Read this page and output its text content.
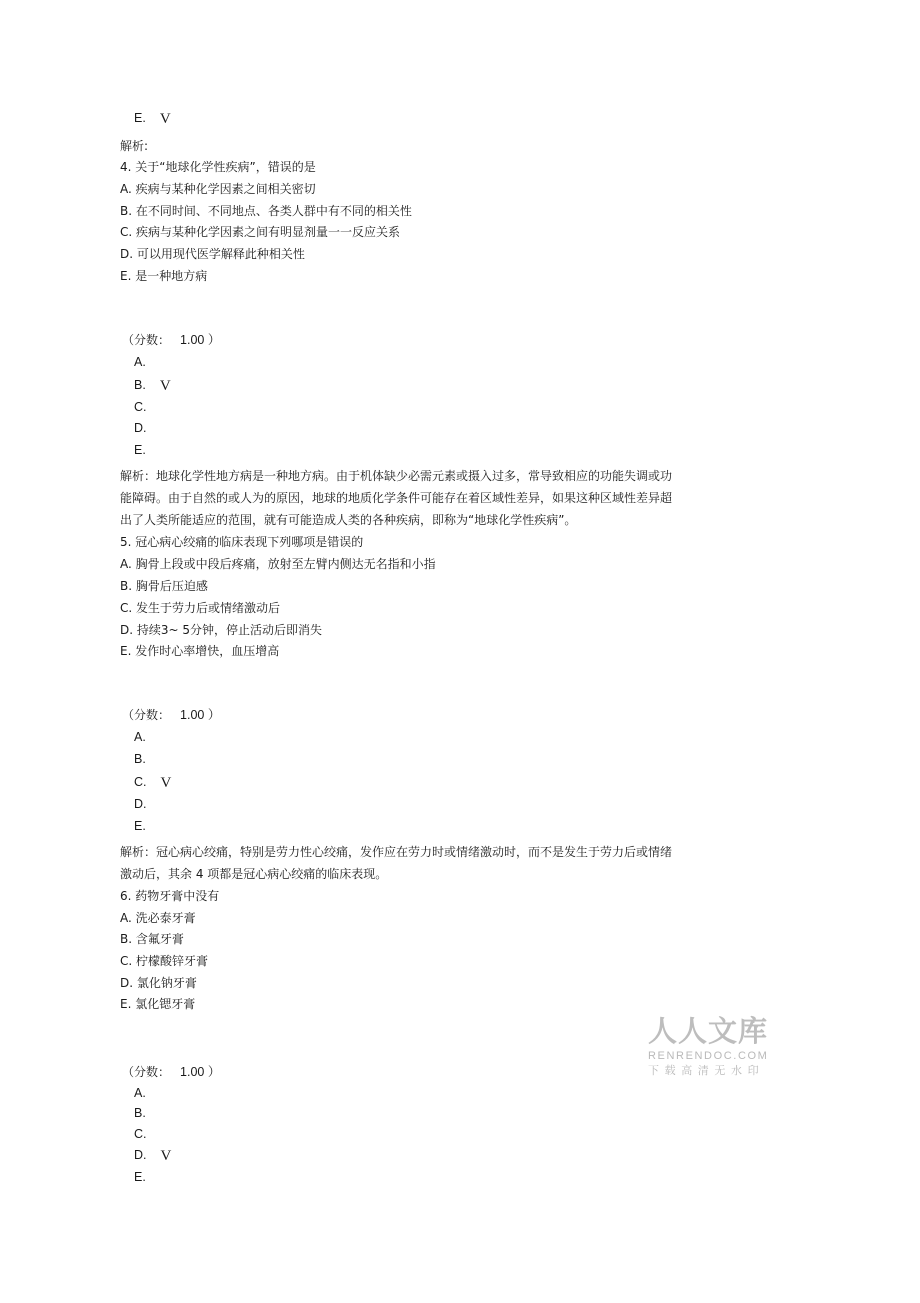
E. V
解析:
4. 关于“地球化学性疾病”，错误的是
A. 疾病与某种化学因素之间相关密切
B. 在不同时间、不同地点、各类人群中有不同的相关性
C. 疾病与某种化学因素之间有明显剂量一一反应关系
D. 可以用现代医学解释此种相关性
E. 是一种地方病
（分数： 1.00 ）
A.
B. V
C.
D.
E.
解析：地球化学性地方病是一种地方病。由于机体缺少必需元素或摄入过多，常导致相应的功能失调或功
能障碍。由于自然的或人为的原因，地球的地质化学条件可能存在着区域性差异，如果这种区域性差异超
出了人类所能适应的范围，就有可能造成人类的各种疾病，即称为“地球化学性疾病”。
5. 冠心病心绞痛的临床表现下列哪项是错误的
A. 胸骨上段或中段后疼痛，放射至左臂内侧达无名指和小指
B. 胸骨后压迫感
C. 发生于劳力后或情绪激动后
D. 持续3~ 5分钟，停止活动后即消失
E. 发作时心率增快，血压增高
（分数： 1.00 ）
A.
B.
C. V
D.
E.
解析：冠心病心绞痛，特别是劳力性心绞痛，发作应在劳力时或情绪激动时，而不是发生于劳力后或情绪
激动后，其余 4 项都是冠心病心绞痛的临床表现。
6. 药物牙膏中没有
A. 洗必泰牙膏
B. 含氟牙膏
C. 柠檬酸锌牙膏
D. 氯化钠牙膏
E. 氯化锶牙膏
（分数： 1.00 ）
A.
B.
C.
D. V
E.
人人文库
RENRENDOC.COM
下载高清无水印
